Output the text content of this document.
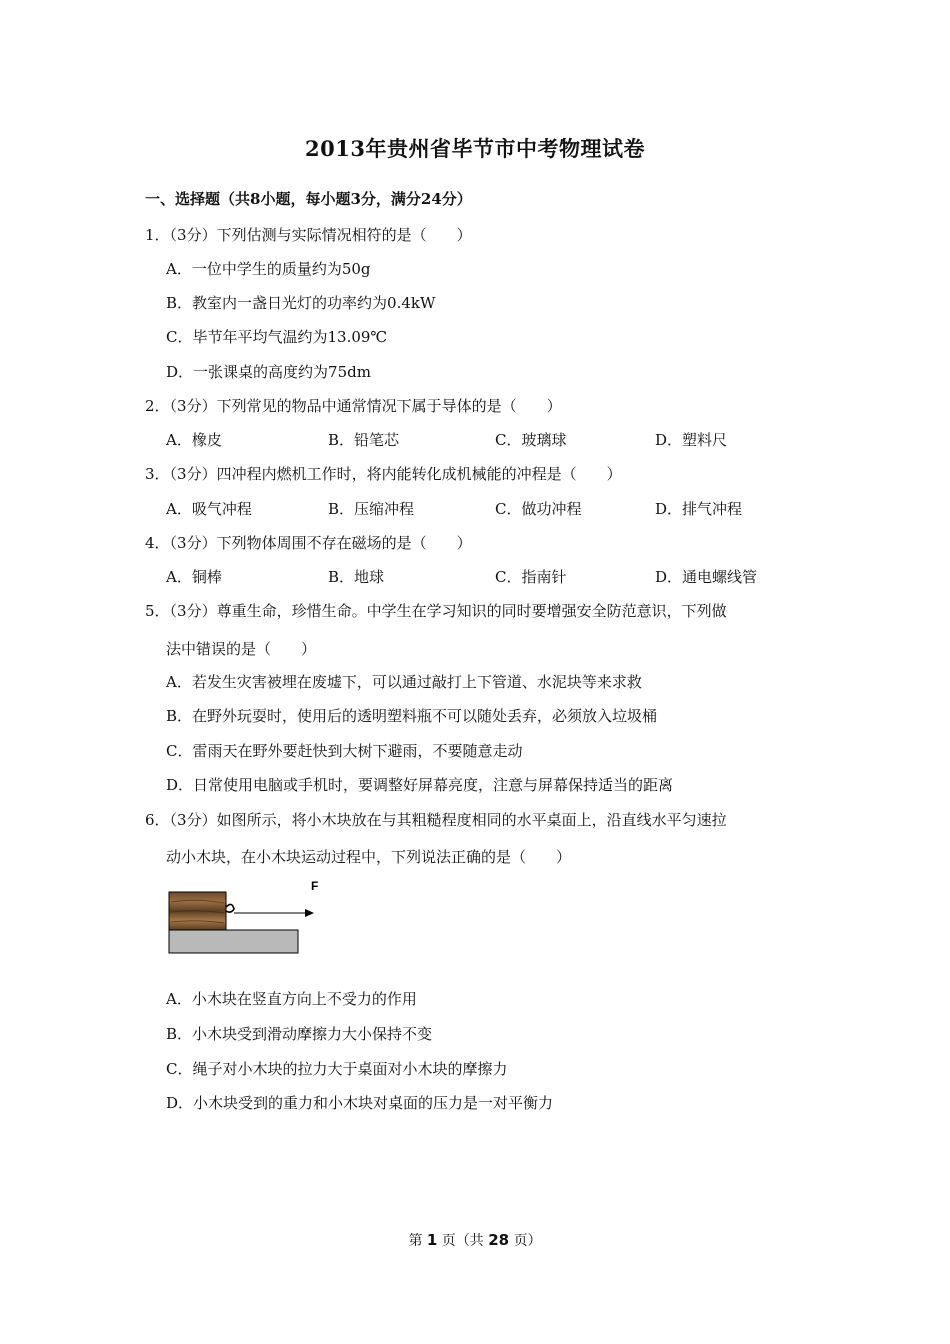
2013年贵州省毕节市中考物理试卷
一、选择题（共8小题，每小题3分，满分24分）
1．（3分）下列估测与实际情况相符的是（　　）
A．一位中学生的质量约为50g
B．教室内一盏日光灯的功率约为0.4kW
C．毕节年平均气温约为13.09℃
D．一张课桌的高度约为75dm
2．（3分）下列常见的物品中通常情况下属于导体的是（　　）
A．橡皮	B．铅笔芯	C．玻璃球	D．塑料尺
3．（3分）四冲程内燃机工作时，将内能转化成机械能的冲程是（　　）
A．吸气冲程	B．压缩冲程	C．做功冲程	D．排气冲程
4．（3分）下列物体周围不存在磁场的是（　　）
A．铜棒	B．地球	C．指南针	D．通电螺线管
5．（3分）尊重生命，珍惜生命。中学生在学习知识的同时要增强安全防范意识，下列做
法中错误的是（　　）
A．若发生灾害被埋在废墟下，可以通过敲打上下管道、水泥块等来求救
B．在野外玩耍时，使用后的透明塑料瓶不可以随处丢弃，必须放入垃圾桶
C．雷雨天在野外要赶快到大树下避雨，不要随意走动
D．日常使用电脑或手机时，要调整好屏幕亮度，注意与屏幕保持适当的距离
6．（3分）如图所示，将小木块放在与其粗糙程度相同的水平桌面上，沿直线水平匀速拉
动小木块，在小木块运动过程中，下列说法正确的是（　　）
F
A．小木块在竖直方向上不受力的作用
B．小木块受到滑动摩擦力大小保持不变
C．绳子对小木块的拉力大于桌面对小木块的摩擦力
D．小木块受到的重力和小木块对桌面的压力是一对平衡力
第 1 页（共 28 页）
